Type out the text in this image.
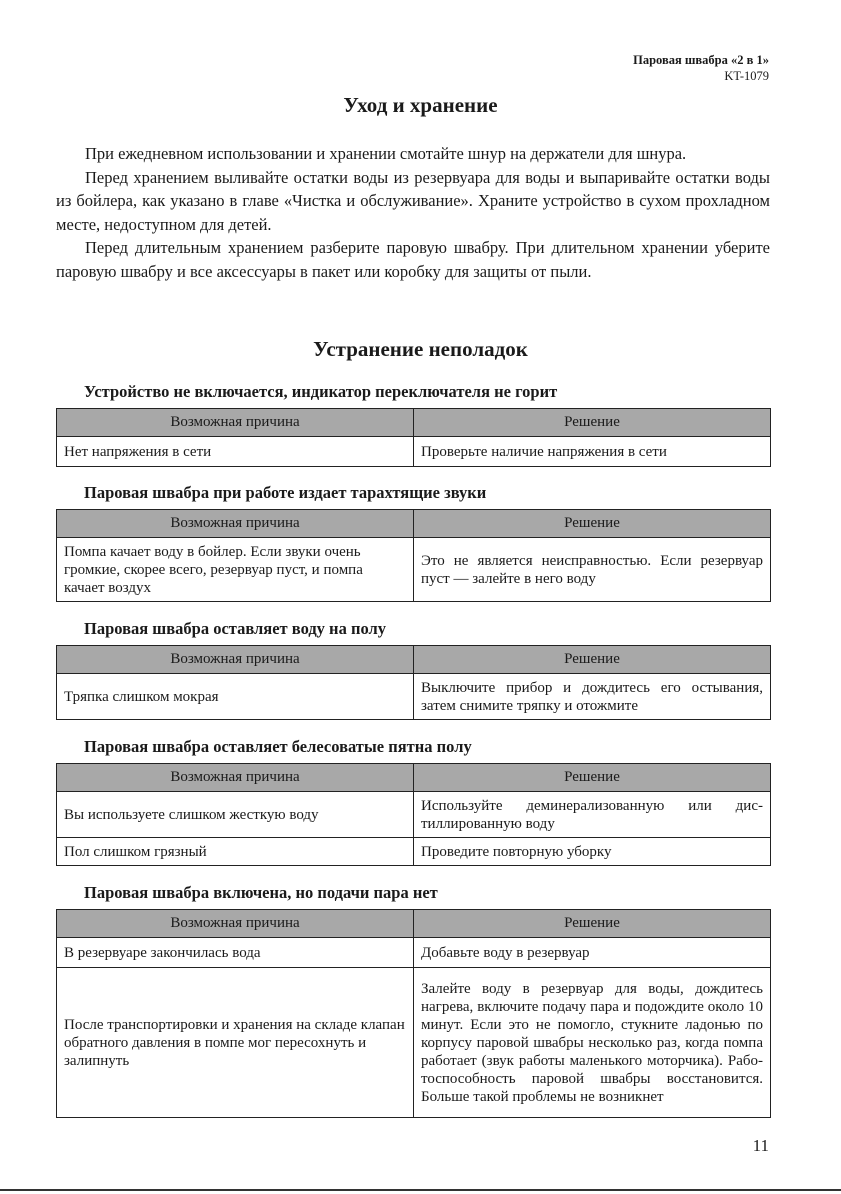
Паровая швабра «2 в 1»
KT-1079
Уход и хранение

При ежедневном использовании и хранении смотайте шнур на держатели для шнура.

Перед хранением выливайте остатки воды из резервуара для воды и выпаривайте остатки воды из бойлера, как указано в главе «Чистка и обслуживание». Храните устройство в сухом прохладном месте, недоступном для детей.

Перед длительным хранением разберите паровую швабру. При длительном хранении уберите паровую швабру и все аксессуары в пакет или коробку для защиты от пыли.

Устранение неполадок
Устройство не включается, индикатор переключателя не горит
Возможная причина	Решение
Нет напряжения в сети	Проверьте наличие напряжения в сети
Паровая швабра при работе издает тарахтящие звуки
Возможная причина	Решение
Помпа качает воду в бойлер. Если звуки очень громкие, скорее всего, резервуар пуст, и помпа качает воздух	Это не является неисправностью. Если резервуар пуст — залейте в него воду
Паровая швабра оставляет воду на полу
Возможная причина	Решение
Тряпка слишком мокрая	Выключите прибор и дождитесь его остывания, затем снимите тряпку и отожмите
Паровая швабра оставляет белесоватые пятна полу
Возможная причина	Решение
Вы используете слишком жесткую воду	Используйте деминерализованную или дистиллированную воду
Пол слишком грязный	Проведите повторную уборку
Паровая швабра включена, но подачи пара нет
Возможная причина	Решение
В резервуаре закончилась вода	Добавьте воду в резервуар
После транспортировки и хранения на складе клапан обратного давления в помпе мог пересохнуть и залипнуть	Залейте воду в резервуар для воды, дождитесь нагрева, включите подачу пара и подождите около 10 минут. Если это не помогло, стукните ладонью по корпусу паровой швабры несколько раз, когда помпа работает (звук работы маленького моторчика). Работоспособность паровой швабры восстановится. Больше такой проблемы не возникнет
11
